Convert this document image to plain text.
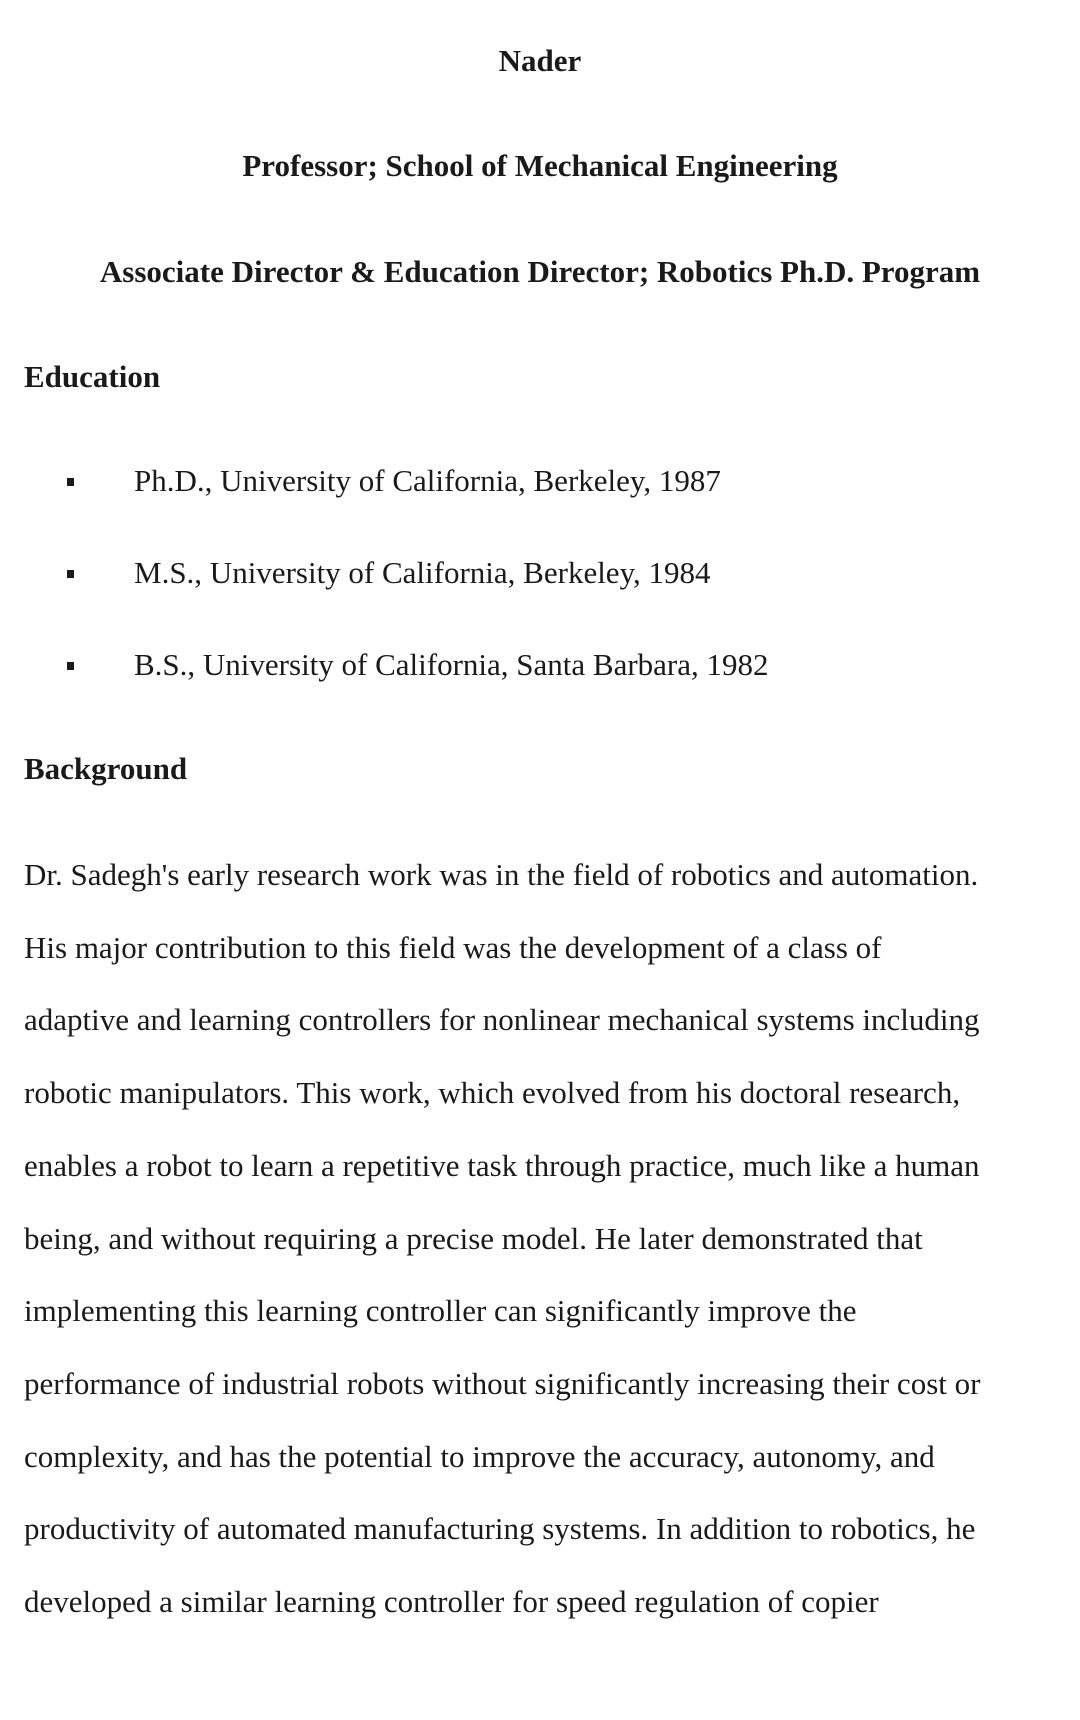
Nader
Professor; School of Mechanical Engineering
Associate Director & Education Director; Robotics Ph.D. Program
Education
Ph.D., University of California, Berkeley, 1987
M.S., University of California, Berkeley, 1984
B.S., University of California, Santa Barbara, 1982
Background
Dr. Sadegh's early research work was in the field of robotics and automation.
His major contribution to this field was the development of a class of
adaptive and learning controllers for nonlinear mechanical systems including
robotic manipulators. This work, which evolved from his doctoral research,
enables a robot to learn a repetitive task through practice, much like a human
being, and without requiring a precise model. He later demonstrated that
implementing this learning controller can significantly improve the
performance of industrial robots without significantly increasing their cost or
complexity, and has the potential to improve the accuracy, autonomy, and
productivity of automated manufacturing systems. In addition to robotics, he
developed a similar learning controller for speed regulation of copier
